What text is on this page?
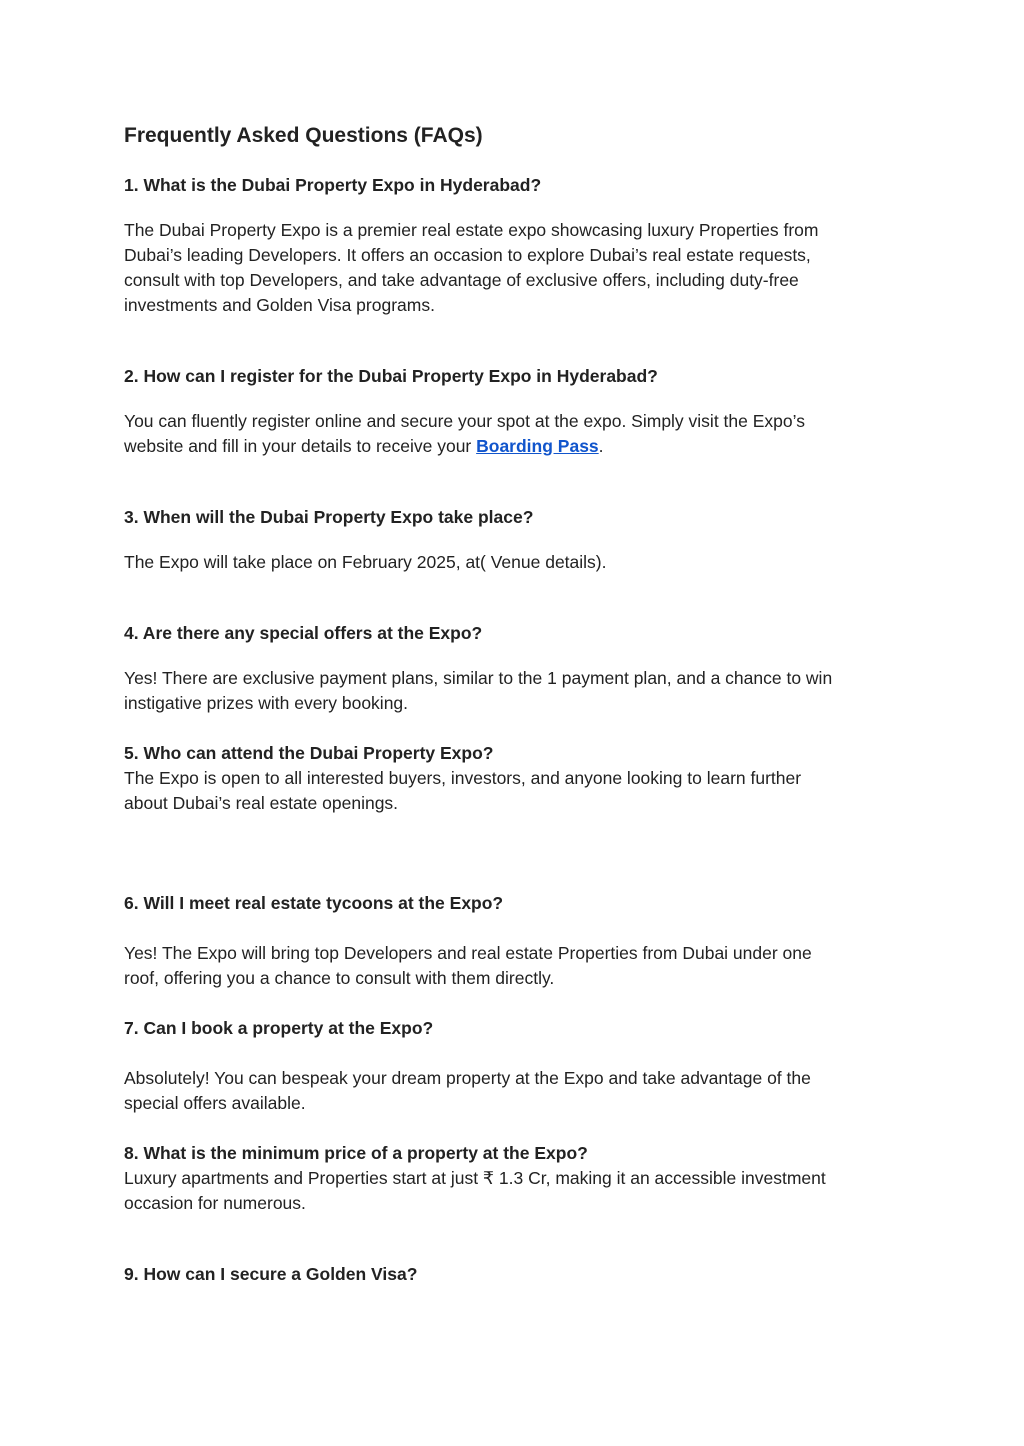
Frequently Asked Questions (FAQs)
1. What is the Dubai Property Expo in Hyderabad?
The Dubai Property Expo is a premier real estate expo showcasing luxury Properties from
Dubai’s leading Developers. It offers an occasion to explore Dubai’s real estate requests,
consult with top Developers, and take advantage of exclusive offers, including duty-free
investments and Golden Visa programs.
2. How can I register for the Dubai Property Expo in Hyderabad?
You can fluently register online and secure your spot at the expo. Simply visit the Expo’s
website and fill in your details to receive your Boarding Pass.
3. When will the Dubai Property Expo take place?
The Expo will take place on February 2025, at( Venue details).
4. Are there any special offers at the Expo?
Yes! There are exclusive payment plans, similar to the 1 payment plan, and a chance to win
instigative prizes with every booking.
5. Who can attend the Dubai Property Expo?
The Expo is open to all interested buyers, investors, and anyone looking to learn further
about Dubai’s real estate openings.
6. Will I meet real estate tycoons at the Expo?
Yes! The Expo will bring top Developers and real estate Properties from Dubai under one
roof, offering you a chance to consult with them directly.
7. Can I book a property at the Expo?
Absolutely! You can bespeak your dream property at the Expo and take advantage of the
special offers available.
8. What is the minimum price of a property at the Expo?
Luxury apartments and Properties start at just ₹ 1.3 Cr, making it an accessible investment
occasion for numerous.
9. How can I secure a Golden Visa?
